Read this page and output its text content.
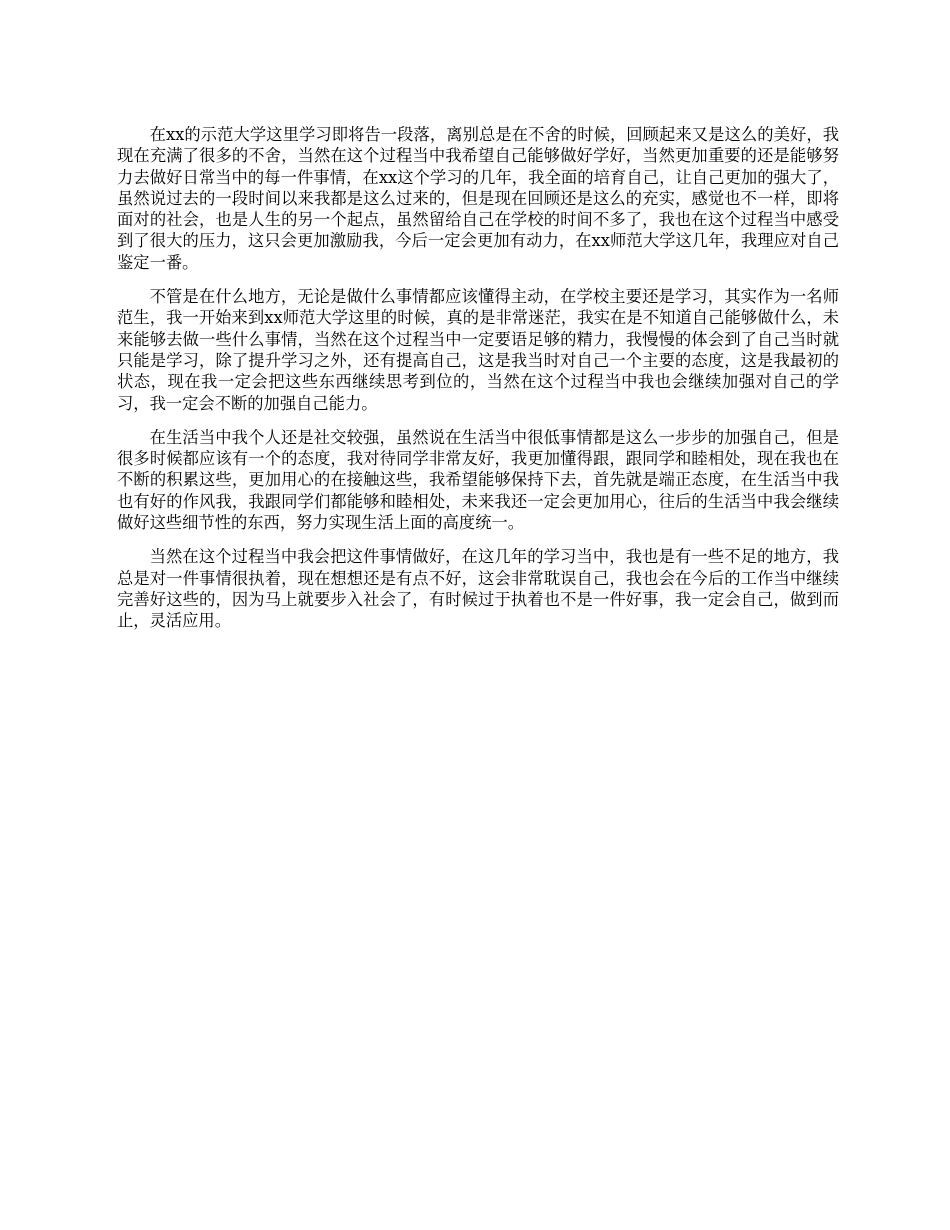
在xx的示范大学这里学习即将告一段落，离别总是在不舍的时候，回顾起来又是这么的美好，我现在充满了很多的不舍，当然在这个过程当中我希望自己能够做好学好，当然更加重要的还是能够努力去做好日常当中的每一件事情，在xx这个学习的几年，我全面的培育自己，让自己更加的强大了，虽然说过去的一段时间以来我都是这么过来的，但是现在回顾还是这么的充实，感觉也不一样，即将面对的社会，也是人生的另一个起点，虽然留给自己在学校的时间不多了，我也在这个过程当中感受到了很大的压力，这只会更加激励我，今后一定会更加有动力，在xx师范大学这几年，我理应对自己鉴定一番。

不管是在什么地方，无论是做什么事情都应该懂得主动，在学校主要还是学习，其实作为一名师范生，我一开始来到xx师范大学这里的时候，真的是非常迷茫，我实在是不知道自己能够做什么，未来能够去做一些什么事情，当然在这个过程当中一定要语足够的精力，我慢慢的体会到了自己当时就只能是学习，除了提升学习之外，还有提高自己，这是我当时对自己一个主要的态度，这是我最初的状态，现在我一定会把这些东西继续思考到位的，当然在这个过程当中我也会继续加强对自己的学习，我一定会不断的加强自己能力。

在生活当中我个人还是社交较强，虽然说在生活当中很低事情都是这么一步步的加强自己，但是很多时候都应该有一个的态度，我对待同学非常友好，我更加懂得跟，跟同学和睦相处，现在我也在不断的积累这些，更加用心的在接触这些，我希望能够保持下去，首先就是端正态度，在生活当中我也有好的作风我，我跟同学们都能够和睦相处，未来我还一定会更加用心，往后的生活当中我会继续做好这些细节性的东西，努力实现生活上面的高度统一。

当然在这个过程当中我会把这件事情做好，在这几年的学习当中，我也是有一些不足的地方，我总是对一件事情很执着，现在想想还是有点不好，这会非常耽误自己，我也会在今后的工作当中继续完善好这些的，因为马上就要步入社会了，有时候过于执着也不是一件好事，我一定会自己，做到而止，灵活应用。
